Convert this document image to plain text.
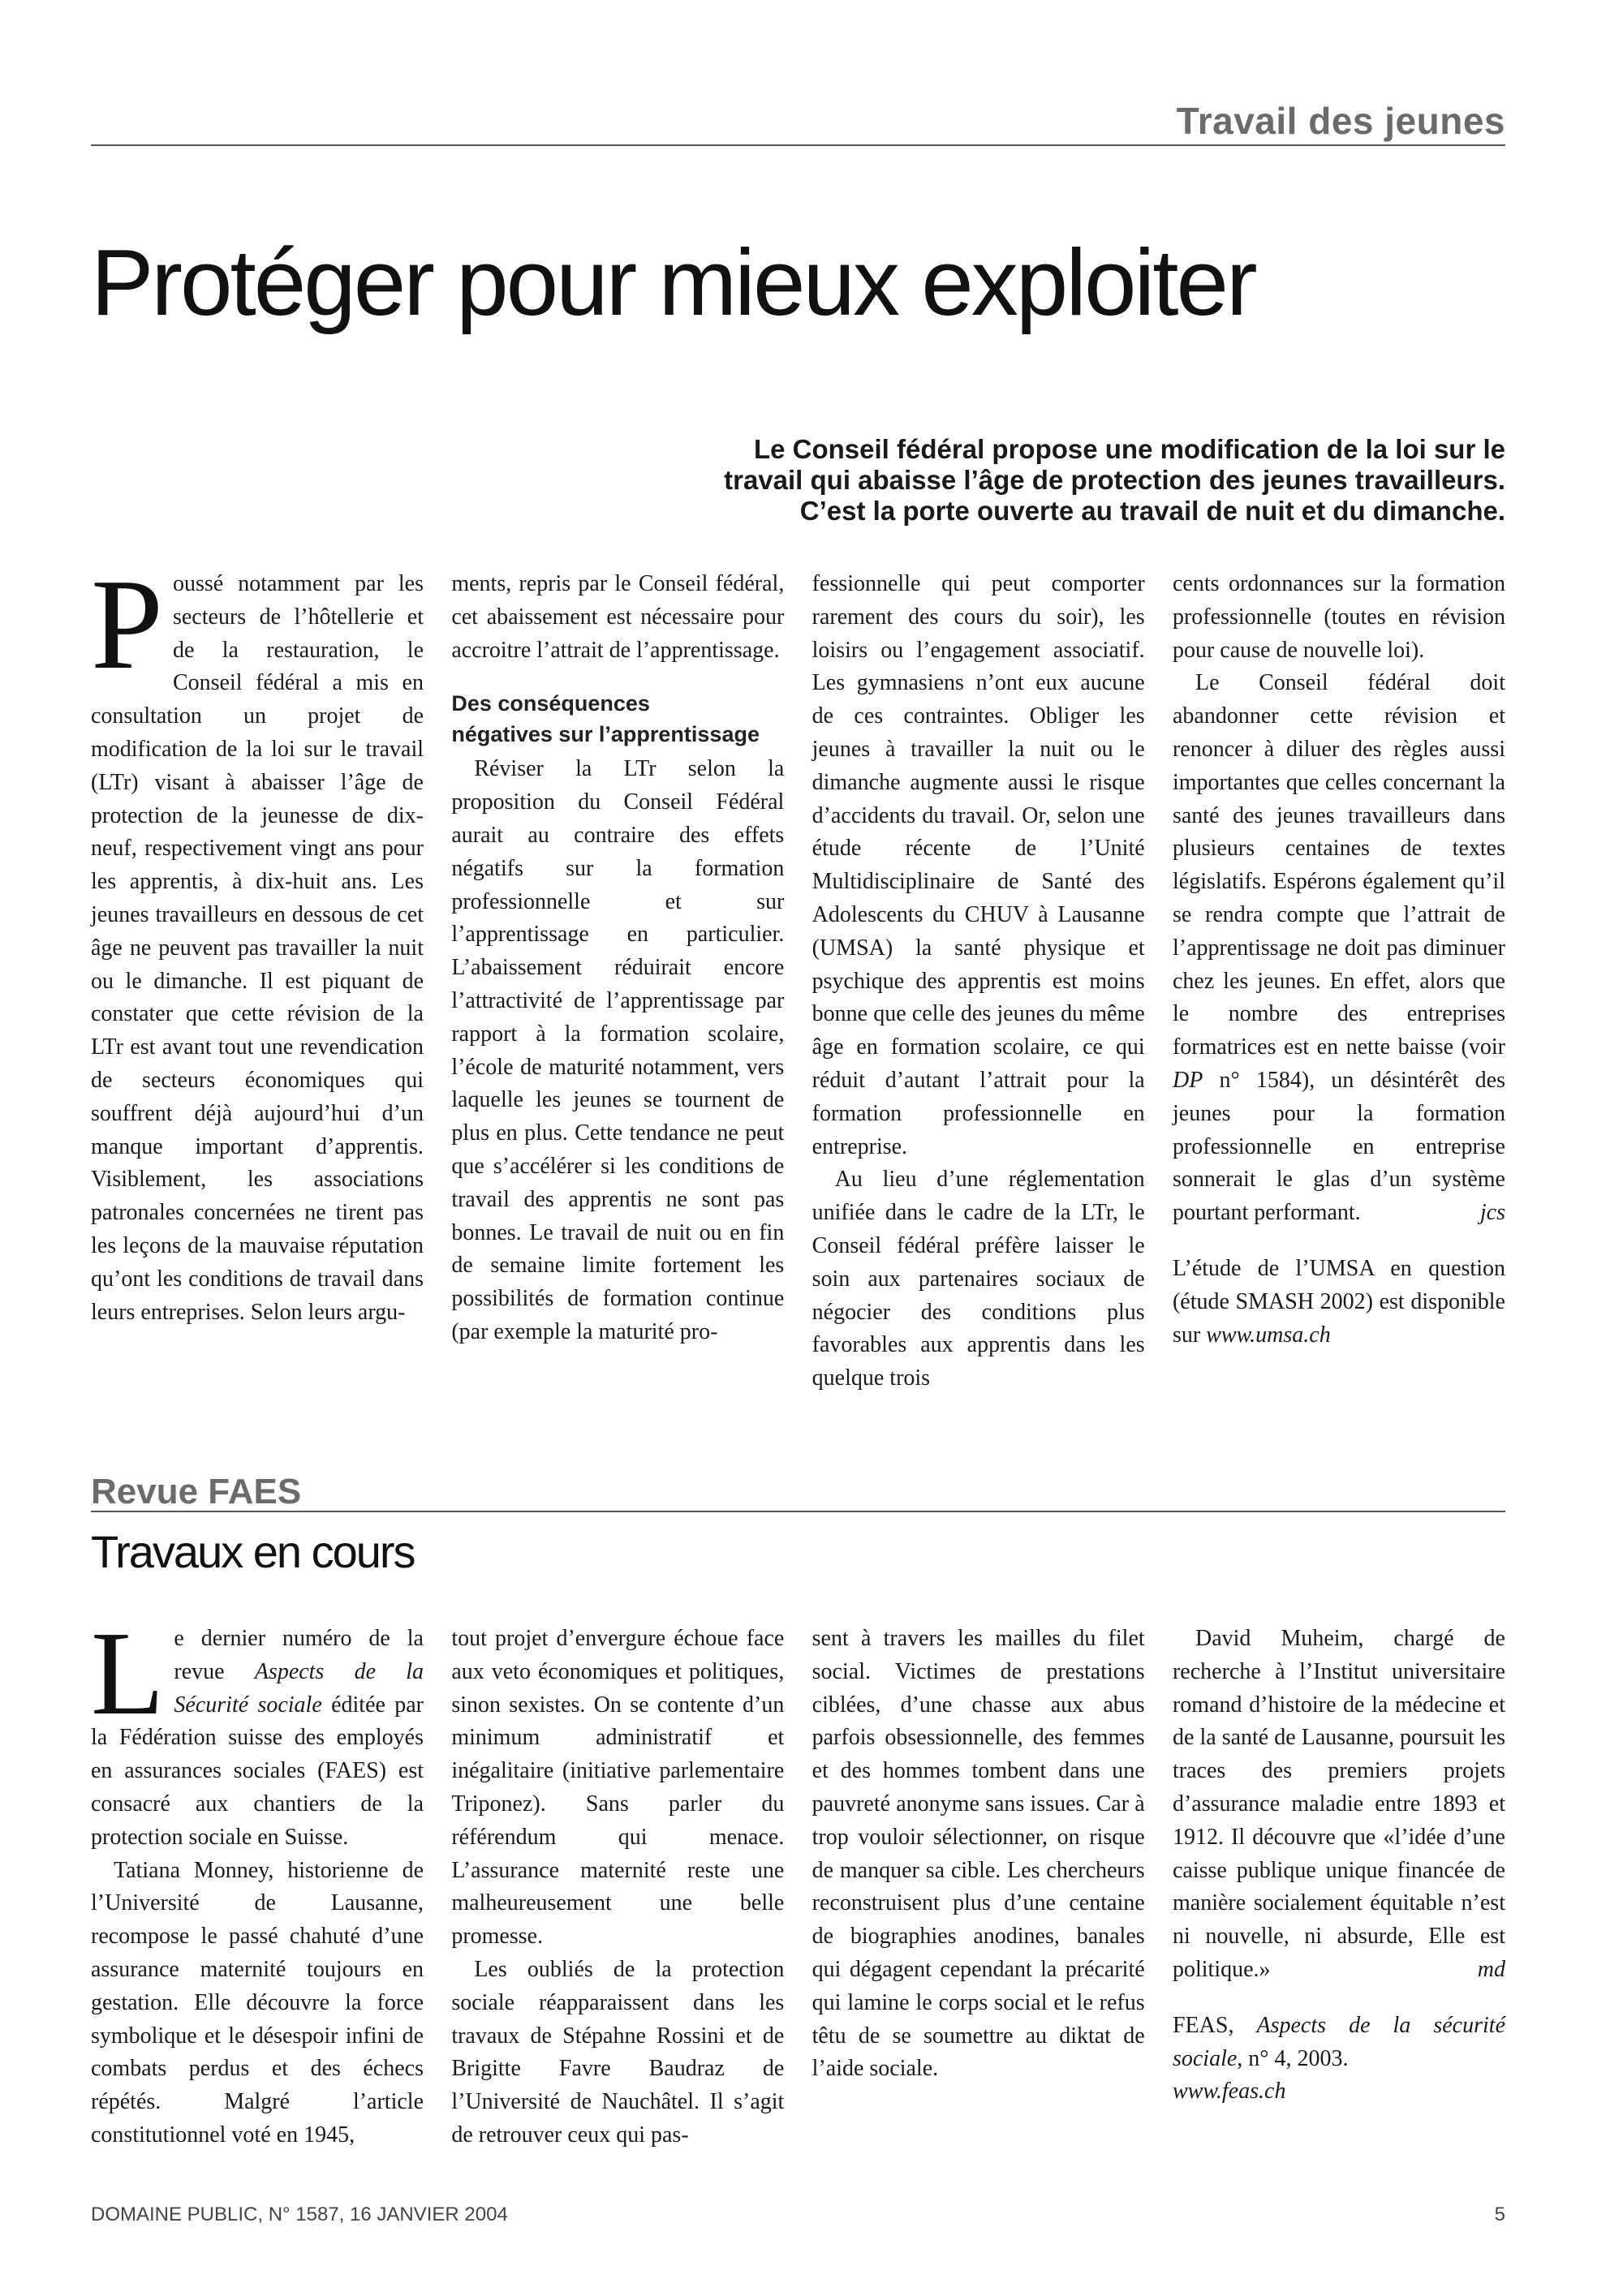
Travail des jeunes
Protéger pour mieux exploiter
Le Conseil fédéral propose une modification de la loi sur le
travail qui abaisse l’âge de protection des jeunes travailleurs.
C’est la porte ouverte au travail de nuit et du dimanche.

Poussé notamment par les secteurs de l’hôtellerie et de la restauration, le Conseil fédéral a mis en consultation un projet de modification de la loi sur le travail (LTr) visant à abaisser l’âge de protection de la jeunesse de dix-neuf, respectivement vingt ans pour les apprentis, à dix-huit ans. Les jeunes travailleurs en dessous de cet âge ne peuvent pas travailler la nuit ou le dimanche. Il est piquant de constater que cette révision de la LTr est avant tout une revendication de secteurs économiques qui souffrent déjà aujourd’hui d’un manque important d’apprentis. Visiblement, les associations patronales concernées ne tirent pas les leçons de la mauvaise réputation qu’ont les conditions de travail dans leurs entreprises. Selon leurs argu-

ments, repris par le Conseil fédéral, cet abaissement est nécessaire pour accroitre l’attrait de l’apprentissage.

Des conséquences
négatives sur l’apprentissage

Réviser la LTr selon la proposition du Conseil Fédéral aurait au contraire des effets négatifs sur la formation professionnelle et sur l’apprentissage en particulier. L’abaissement réduirait encore l’attractivité de l’apprentissage par rapport à la formation scolaire, l’école de maturité notamment, vers laquelle les jeunes se tournent de plus en plus. Cette tendance ne peut que s’accélérer si les conditions de travail des apprentis ne sont pas bonnes. Le travail de nuit ou en fin de semaine limite fortement les possibilités de formation continue (par exemple la maturité pro-

fessionnelle qui peut comporter rarement des cours du soir), les loisirs ou l’engagement associatif. Les gymnasiens n’ont eux aucune de ces contraintes. Obliger les jeunes à travailler la nuit ou le dimanche augmente aussi le risque d’accidents du travail. Or, selon une étude récente de l’Unité Multidisciplinaire de Santé des Adolescents du CHUV à Lausanne (UMSA) la santé physique et psychique des apprentis est moins bonne que celle des jeunes du même âge en formation scolaire, ce qui réduit d’autant l’attrait pour la formation professionnelle en entreprise.

Au lieu d’une réglementation unifiée dans le cadre de la LTr, le Conseil fédéral préfère laisser le soin aux partenaires sociaux de négocier des conditions plus favorables aux apprentis dans les quelque trois

cents ordonnances sur la formation professionnelle (toutes en révision pour cause de nouvelle loi).

Le Conseil fédéral doit abandonner cette révision et renoncer à diluer des règles aussi importantes que celles concernant la santé des jeunes travailleurs dans plusieurs centaines de textes législatifs. Espérons également qu’il se rendra compte que l’attrait de l’apprentissage ne doit pas diminuer chez les jeunes. En effet, alors que le nombre des entreprises formatrices est en nette baisse (voir DP n° 1584), un désintérêt des jeunes pour la formation professionnelle en entreprise sonnerait le glas d’un système pourtant performant.	jcs

L’étude de l’UMSA en question (étude SMASH 2002) est disponible sur www.umsa.ch

Revue FAES
Travaux en cours

Le dernier numéro de la revue Aspects de la Sécurité sociale éditée par la Fédération suisse des employés en assurances sociales (FAES) est consacré aux chantiers de la protection sociale en Suisse.

Tatiana Monney, historienne de l’Université de Lausanne, recompose le passé chahuté d’une assurance maternité toujours en gestation. Elle découvre la force symbolique et le désespoir infini de combats perdus et des échecs répétés. Malgré l’article constitutionnel voté en 1945,

tout projet d’envergure échoue face aux veto économiques et politiques, sinon sexistes. On se contente d’un minimum administratif et inégalitaire (initiative parlementaire Triponez). Sans parler du référendum qui menace. L’assurance maternité reste une malheureusement une belle promesse.

Les oubliés de la protection sociale réapparaissent dans les travaux de Stépahne Rossini et de Brigitte Favre Baudraz de l’Université de Nauchâtel. Il s’agit de retrouver ceux qui pas-

sent à travers les mailles du filet social. Victimes de prestations ciblées, d’une chasse aux abus parfois obsessionnelle, des femmes et des hommes tombent dans une pauvreté anonyme sans issues. Car à trop vouloir sélectionner, on risque de manquer sa cible. Les chercheurs reconstruisent plus d’une centaine de biographies anodines, banales qui dégagent cependant la précarité qui lamine le corps social et le refus têtu de se soumettre au diktat de l’aide sociale.

David Muheim, chargé de recherche à l’Institut universitaire romand d’histoire de la médecine et de la santé de Lausanne, poursuit les traces des premiers projets d’assurance maladie entre 1893 et 1912. Il découvre que «l’idée d’une caisse publique unique financée de manière socialement équitable n’est ni nouvelle, ni absurde, Elle est politique.»	md

FEAS, Aspects de la sécurité sociale, n° 4, 2003.
www.feas.ch

DOMAINE PUBLIC, N° 1587, 16 JANVIER 2004	5
